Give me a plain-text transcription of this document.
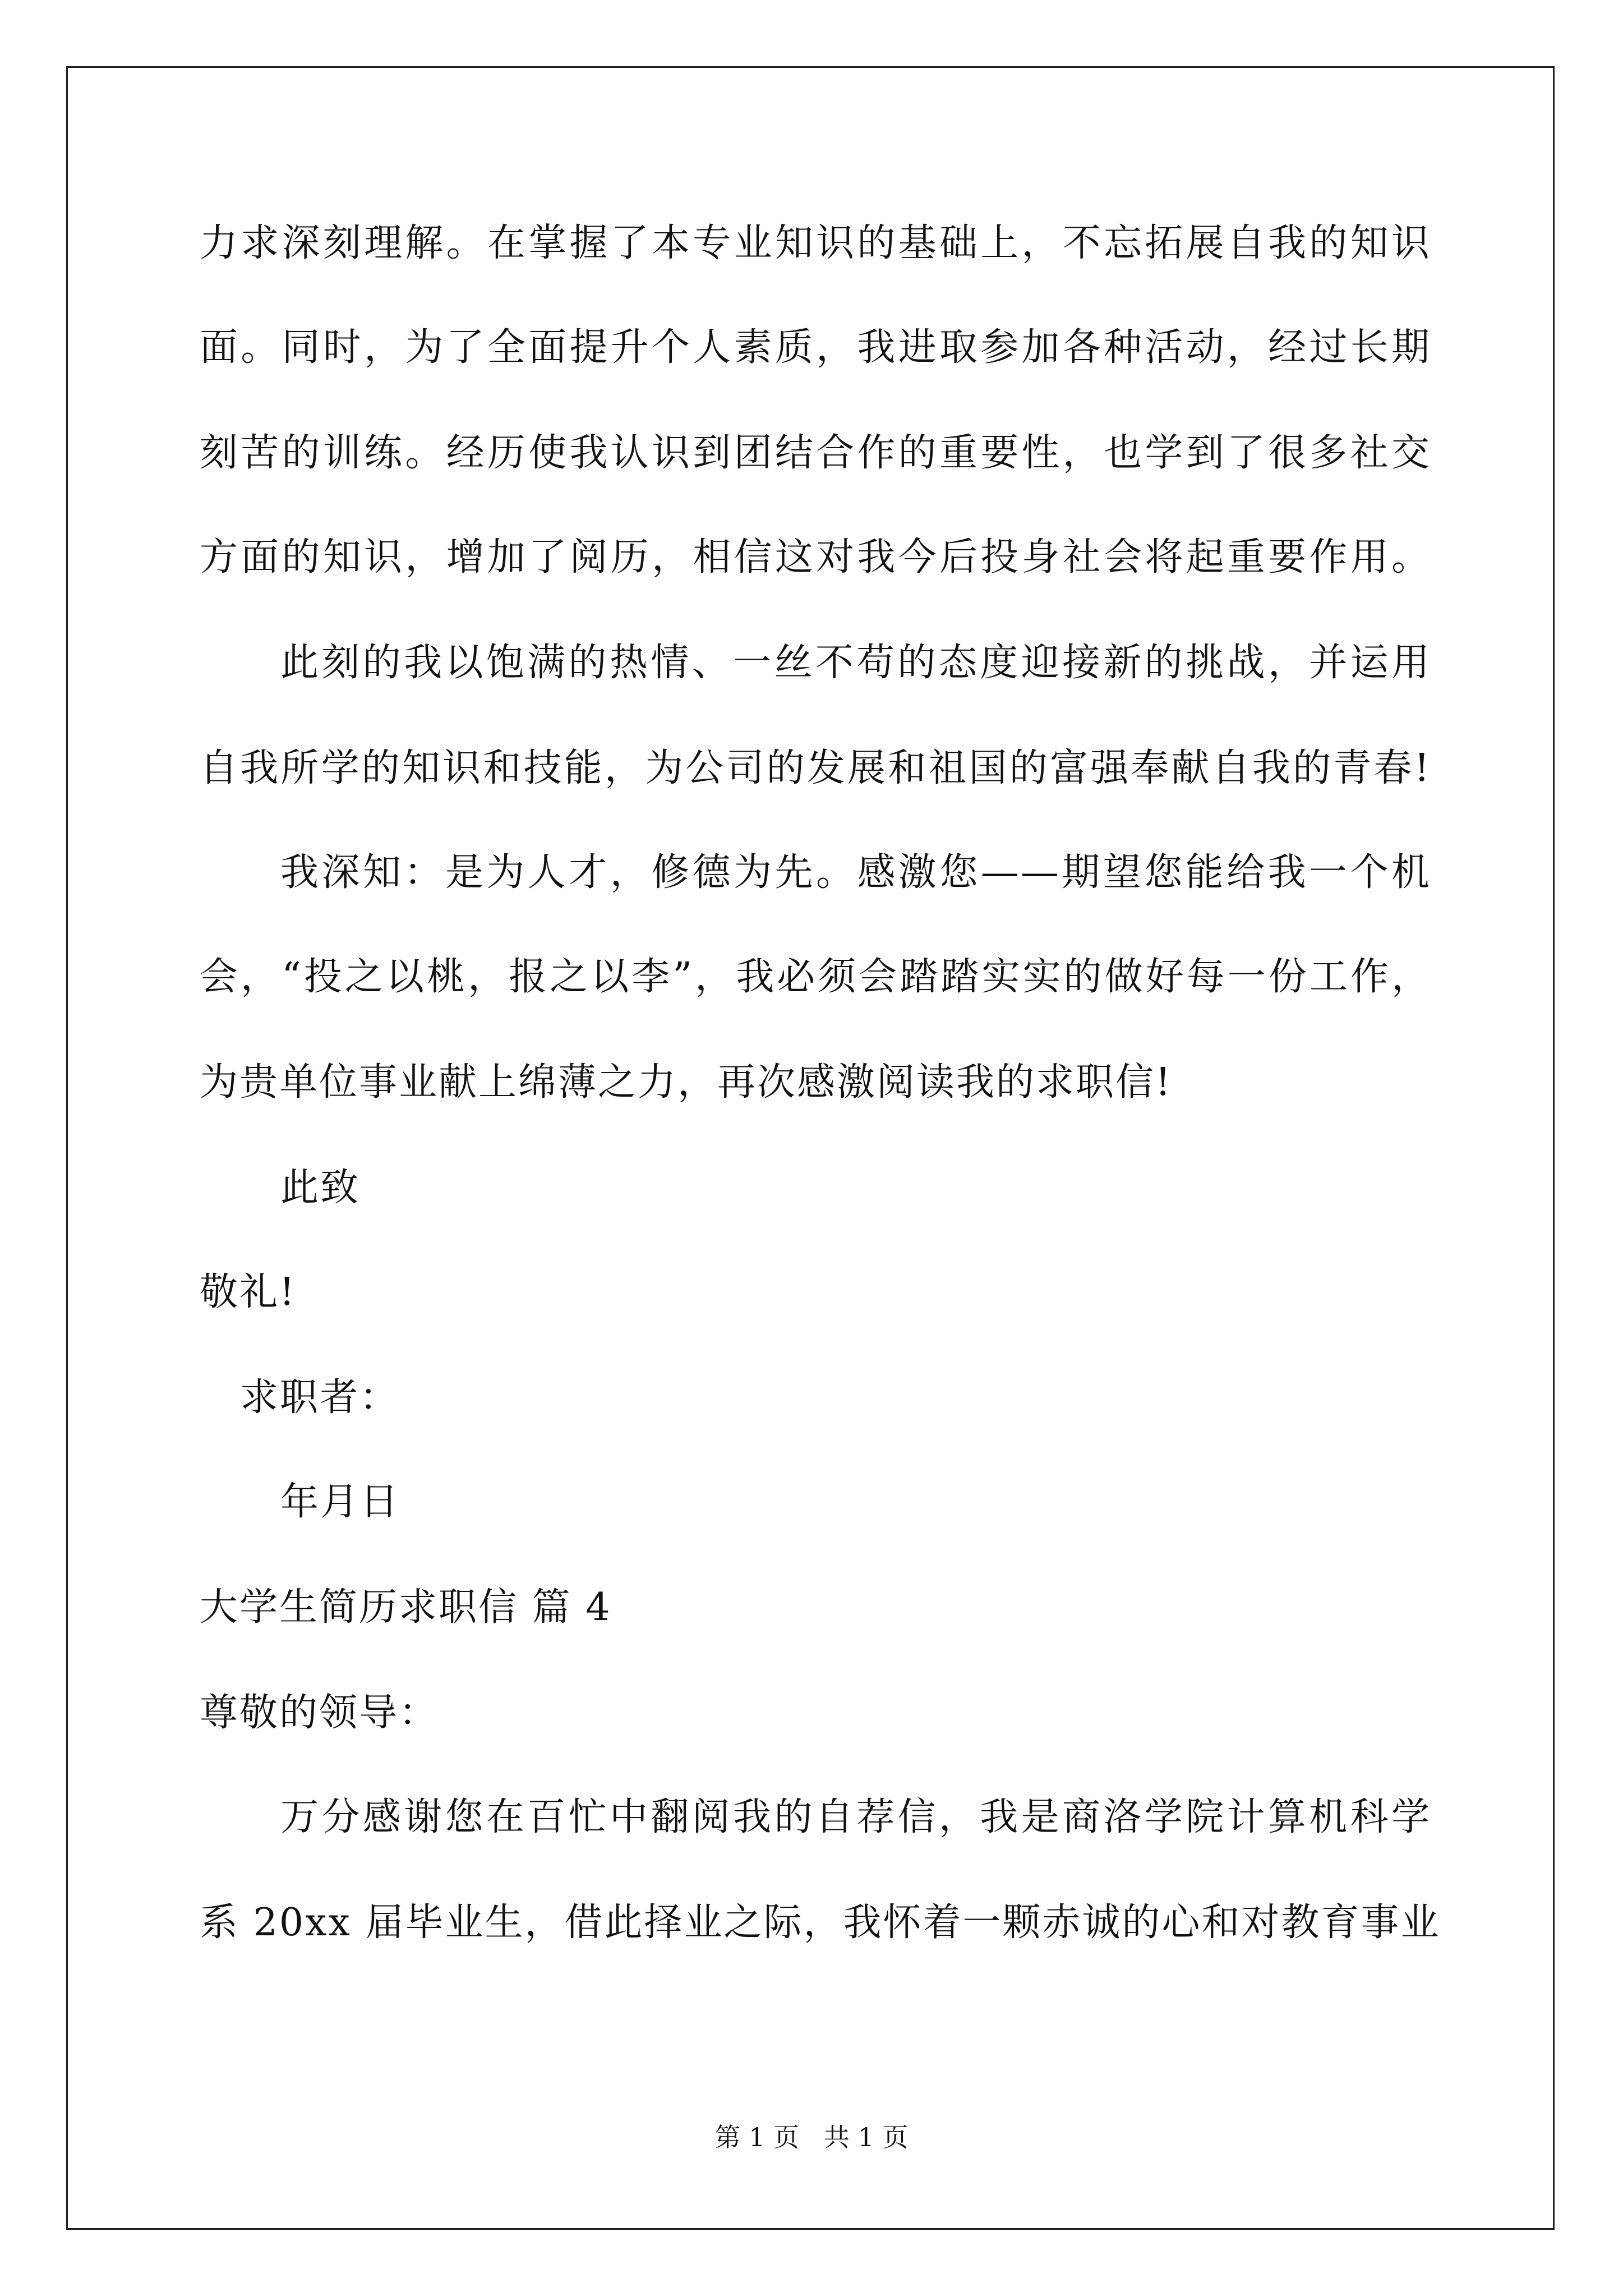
力求深刻理解。在掌握了本专业知识的基础上，不忘拓展自我的知识
面。同时，为了全面提升个人素质，我进取参加各种活动，经过长期
刻苦的训练。经历使我认识到团结合作的重要性，也学到了很多社交
方面的知识，增加了阅历，相信这对我今后投身社会将起重要作用。
此刻的我以饱满的热情、一丝不苟的态度迎接新的挑战，并运用
自我所学的知识和技能，为公司的发展和祖国的富强奉献自我的青春!
我深知：是为人才，修德为先。感激您——期望您能给我一个机
会，“投之以桃，报之以李”，我必须会踏踏实实的做好每一份工作，
为贵单位事业献上绵薄之力，再次感激阅读我的求职信!
此致
敬礼!
求职者：
年月日
大学生简历求职信 篇 4
尊敬的领导：
万分感谢您在百忙中翻阅我的自荐信，我是商洛学院计算机科学
系 20xx 届毕业生，借此择业之际，我怀着一颗赤诚的心和对教育事业
第 1 页   共 1 页
